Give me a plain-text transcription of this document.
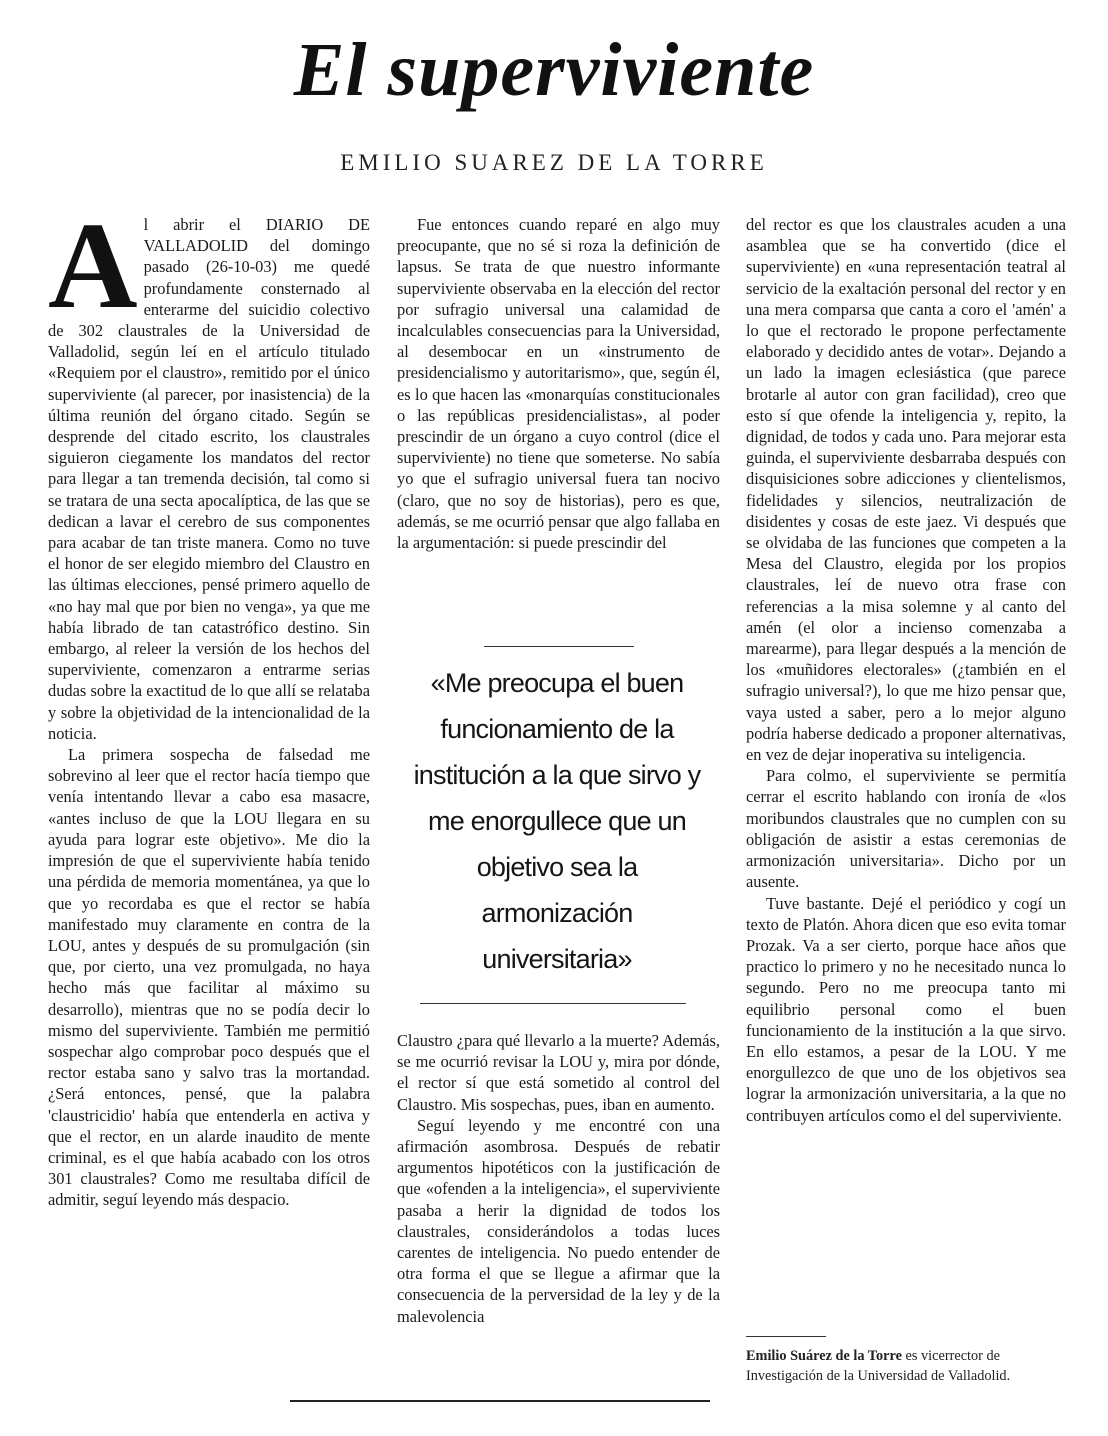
El superviviente
EMILIO SUAREZ DE LA TORRE

Al abrir el DIARIO DE VALLADOLID del domingo pasado (26-10-03) me quedé profundamente consternado al enterarme del suicidio colectivo de 302 claustrales de la Universidad de Valladolid, según leí en el artículo titulado «Requiem por el claustro», remitido por el único superviviente (al parecer, por inasistencia) de la última reunión del órgano citado. Según se desprende del citado escrito, los claustrales siguieron ciegamente los mandatos del rector para llegar a tan tremenda decisión, tal como si se tratara de una secta apocalíptica, de las que se dedican a lavar el cerebro de sus componentes para acabar de tan triste manera. Como no tuve el honor de ser elegido miembro del Claustro en las últimas elecciones, pensé primero aquello de «no hay mal que por bien no venga», ya que me había librado de tan catastrófico destino. Sin embargo, al releer la versión de los hechos del superviviente, comenzaron a entrarme serias dudas sobre la exactitud de lo que allí se relataba y sobre la objetividad de la intencionalidad de la noticia.

La primera sospecha de falsedad me sobrevino al leer que el rector hacía tiempo que venía intentando llevar a cabo esa masacre, «antes incluso de que la LOU llegara en su ayuda para lograr este objetivo». Me dio la impresión de que el superviviente había tenido una pérdida de memoria momentánea, ya que lo que yo recordaba es que el rector se había manifestado muy claramente en contra de la LOU, antes y después de su promulgación (sin que, por cierto, una vez promulgada, no haya hecho más que facilitar al máximo su desarrollo), mientras que no se podía decir lo mismo del superviviente. También me permitió sospechar algo comprobar poco después que el rector estaba sano y salvo tras la mortandad. ¿Será entonces, pensé, que la palabra 'claustricidio' había que entenderla en activa y que el rector, en un alarde inaudito de mente criminal, es el que había acabado con los otros 301 claustrales? Como me resultaba difícil de admitir, seguí leyendo más despacio.

Fue entonces cuando reparé en algo muy preocupante, que no sé si roza la definición de lapsus. Se trata de que nuestro informante superviviente observaba en la elección del rector por sufragio universal una calamidad de incalculables consecuencias para la Universidad, al desembocar en un «instrumento de presidencialismo y autoritarismo», que, según él, es lo que hacen las «monarquías constitucionales o las repúblicas presidencialistas», al poder prescindir de un órgano a cuyo control (dice el superviviente) no tiene que someterse. No sabía yo que el sufragio universal fuera tan nocivo (claro, que no soy de historias), pero es que, además, se me ocurrió pensar que algo fallaba en la argumentación: si puede prescindir del

«Me preocupa el buen funcionamiento de la institución a la que sirvo y me enorgullece que un objetivo sea la armonización universitaria»

Claustro ¿para qué llevarlo a la muerte? Además, se me ocurrió revisar la LOU y, mira por dónde, el rector sí que está sometido al control del Claustro. Mis sospechas, pues, iban en aumento.

Seguí leyendo y me encontré con una afirmación asombrosa. Después de rebatir argumentos hipotéticos con la justificación de que «ofenden a la inteligencia», el superviviente pasaba a herir la dignidad de todos los claustrales, considerándolos a todas luces carentes de inteligencia. No puedo entender de otra forma el que se llegue a afirmar que la consecuencia de la perversidad de la ley y de la malevolencia

del rector es que los claustrales acuden a una asamblea que se ha convertido (dice el superviviente) en «una representación teatral al servicio de la exaltación personal del rector y en una mera comparsa que canta a coro el 'amén' a lo que el rectorado le propone perfectamente elaborado y decidido antes de votar». Dejando a un lado la imagen eclesiástica (que parece brotarle al autor con gran facilidad), creo que esto sí que ofende la inteligencia y, repito, la dignidad, de todos y cada uno. Para mejorar esta guinda, el superviviente desbarraba después con disquisiciones sobre adicciones y clientelismos, fidelidades y silencios, neutralización de disidentes y cosas de este jaez. Vi después que se olvidaba de las funciones que competen a la Mesa del Claustro, elegida por los propios claustrales, leí de nuevo otra frase con referencias a la misa solemne y al canto del amén (el olor a incienso comenzaba a marearme), para llegar después a la mención de los «muñidores electorales» (¿también en el sufragio universal?), lo que me hizo pensar que, vaya usted a saber, pero a lo mejor alguno podría haberse dedicado a proponer alternativas, en vez de dejar inoperativa su inteligencia.

Para colmo, el superviviente se permitía cerrar el escrito hablando con ironía de «los moribundos claustrales que no cumplen con su obligación de asistir a estas ceremonias de armonización universitaria». Dicho por un ausente.

Tuve bastante. Dejé el periódico y cogí un texto de Platón. Ahora dicen que eso evita tomar Prozak. Va a ser cierto, porque hace años que practico lo primero y no he necesitado nunca lo segundo. Pero no me preocupa tanto mi equilibrio personal como el buen funcionamiento de la institución a la que sirvo. En ello estamos, a pesar de la LOU. Y me enorgullezco de que uno de los objetivos sea lograr la armonización universitaria, a la que no contribuyen artículos como el del superviviente.

Emilio Suárez de la Torre es vicerrector de Investigación de la Universidad de Valladolid.
